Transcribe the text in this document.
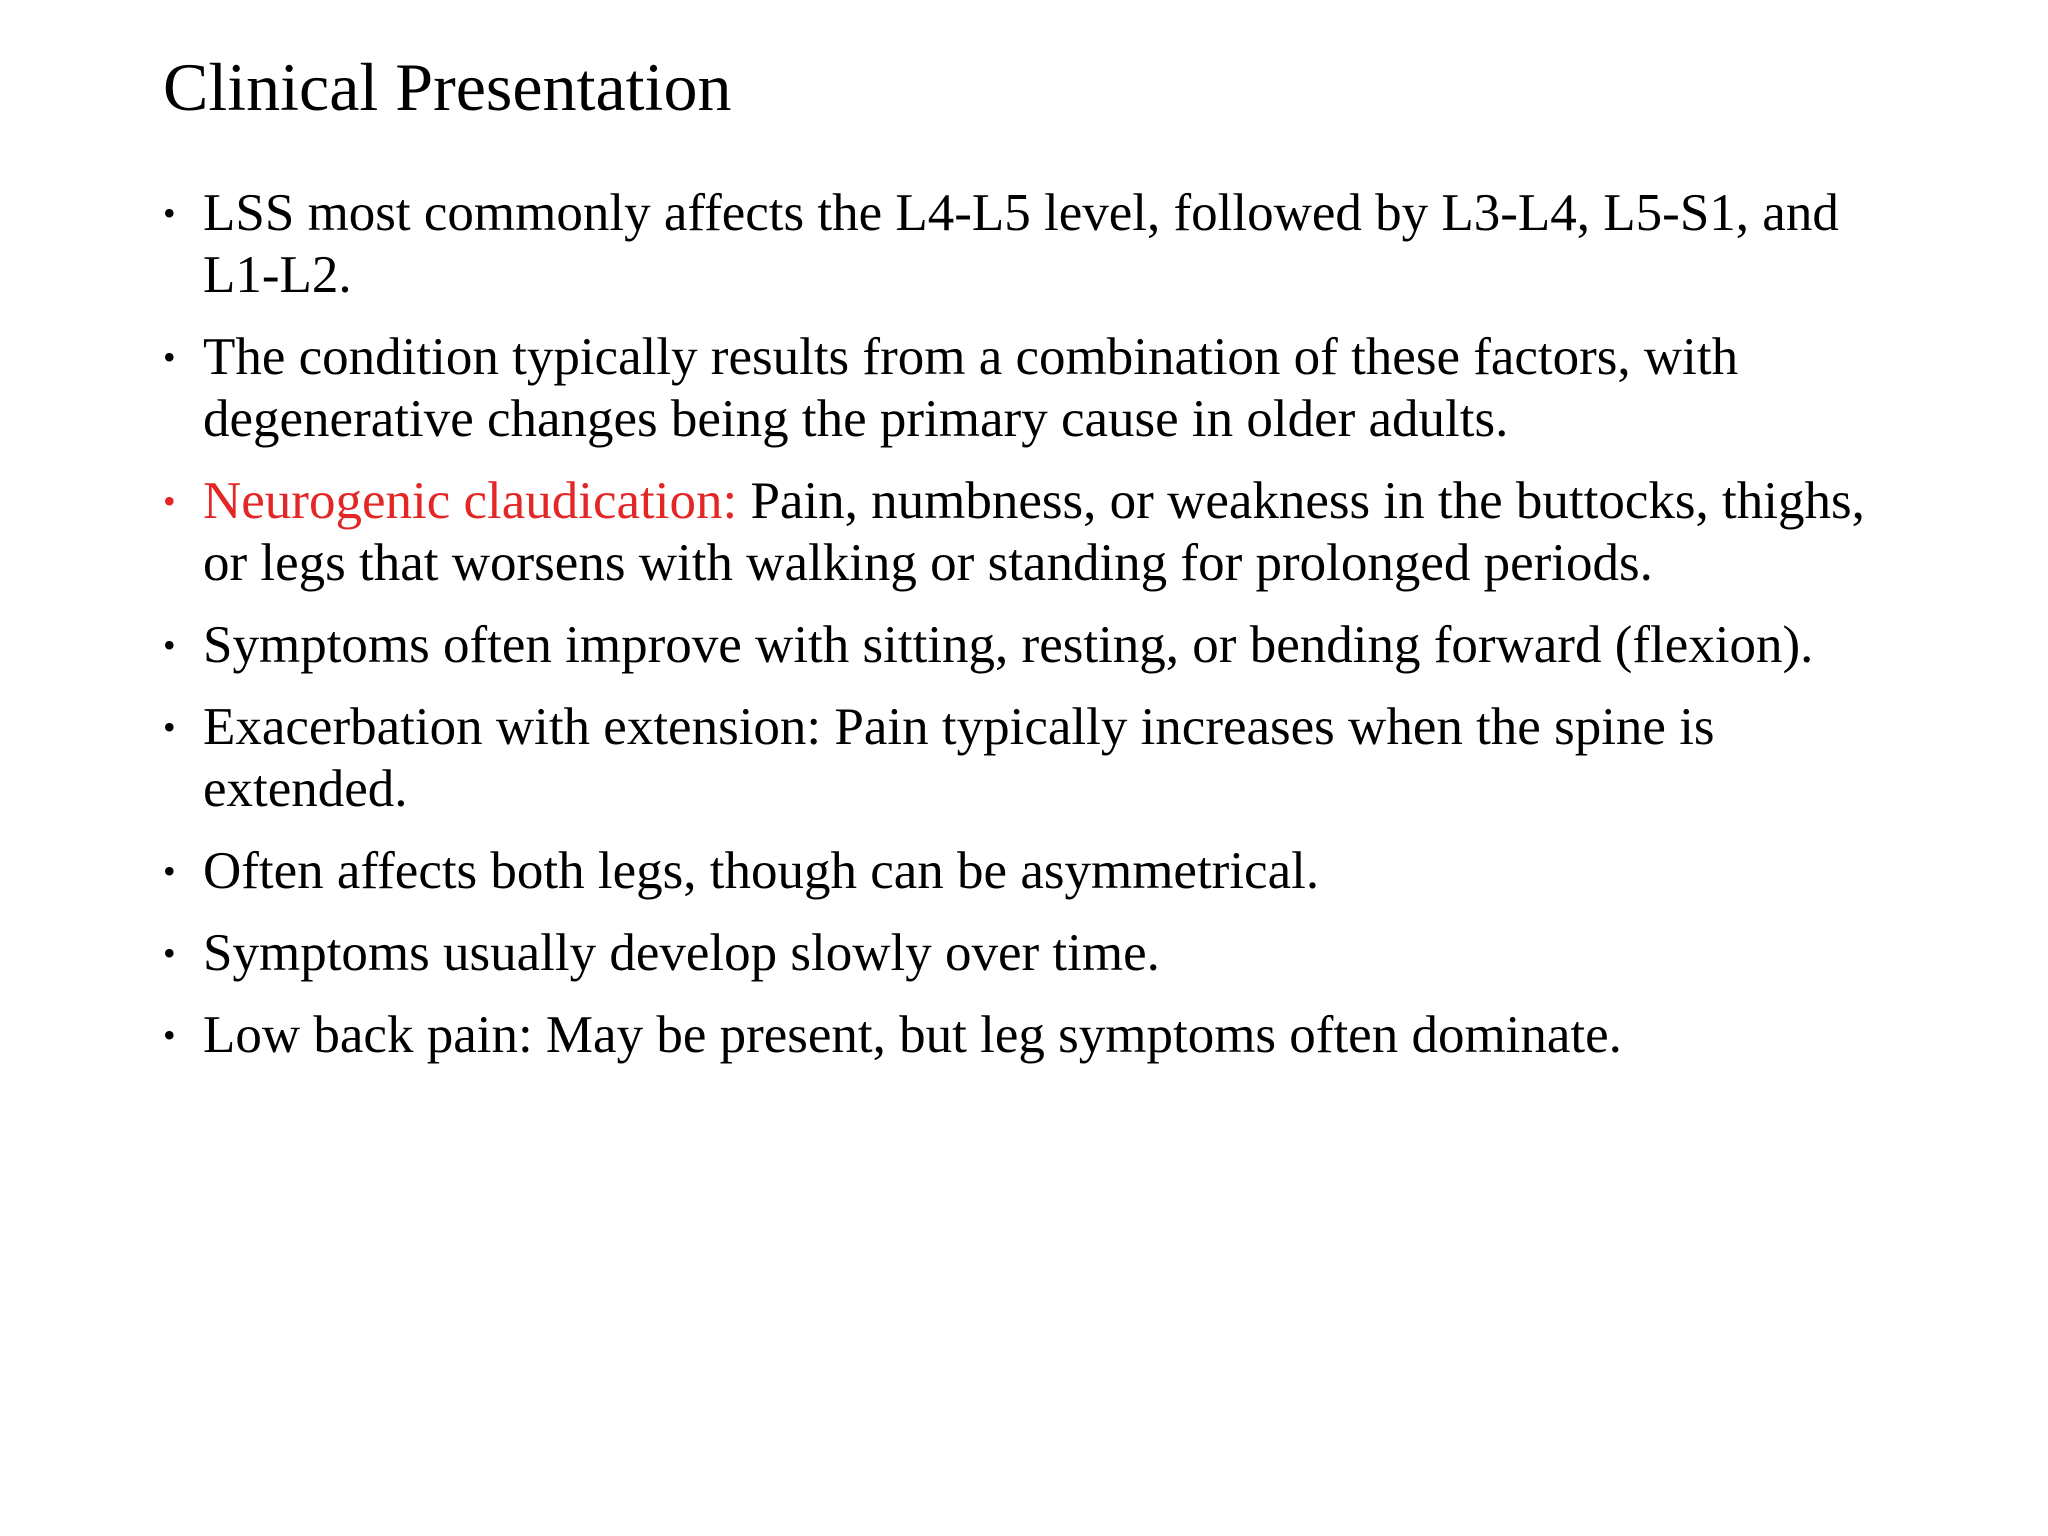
Clinical Presentation
• LSS most commonly affects the L4-L5 level, followed by L3-L4, L5-S1, and L1-L2.
• The condition typically results from a combination of these factors, with degenerative changes being the primary cause in older adults.
• Neurogenic claudication: Pain, numbness, or weakness in the buttocks, thighs, or legs that worsens with walking or standing for prolonged periods.
• Symptoms often improve with sitting, resting, or bending forward (flexion).
• Exacerbation with extension: Pain typically increases when the spine is extended.
• Often affects both legs, though can be asymmetrical.
• Symptoms usually develop slowly over time.
• Low back pain: May be present, but leg symptoms often dominate.
